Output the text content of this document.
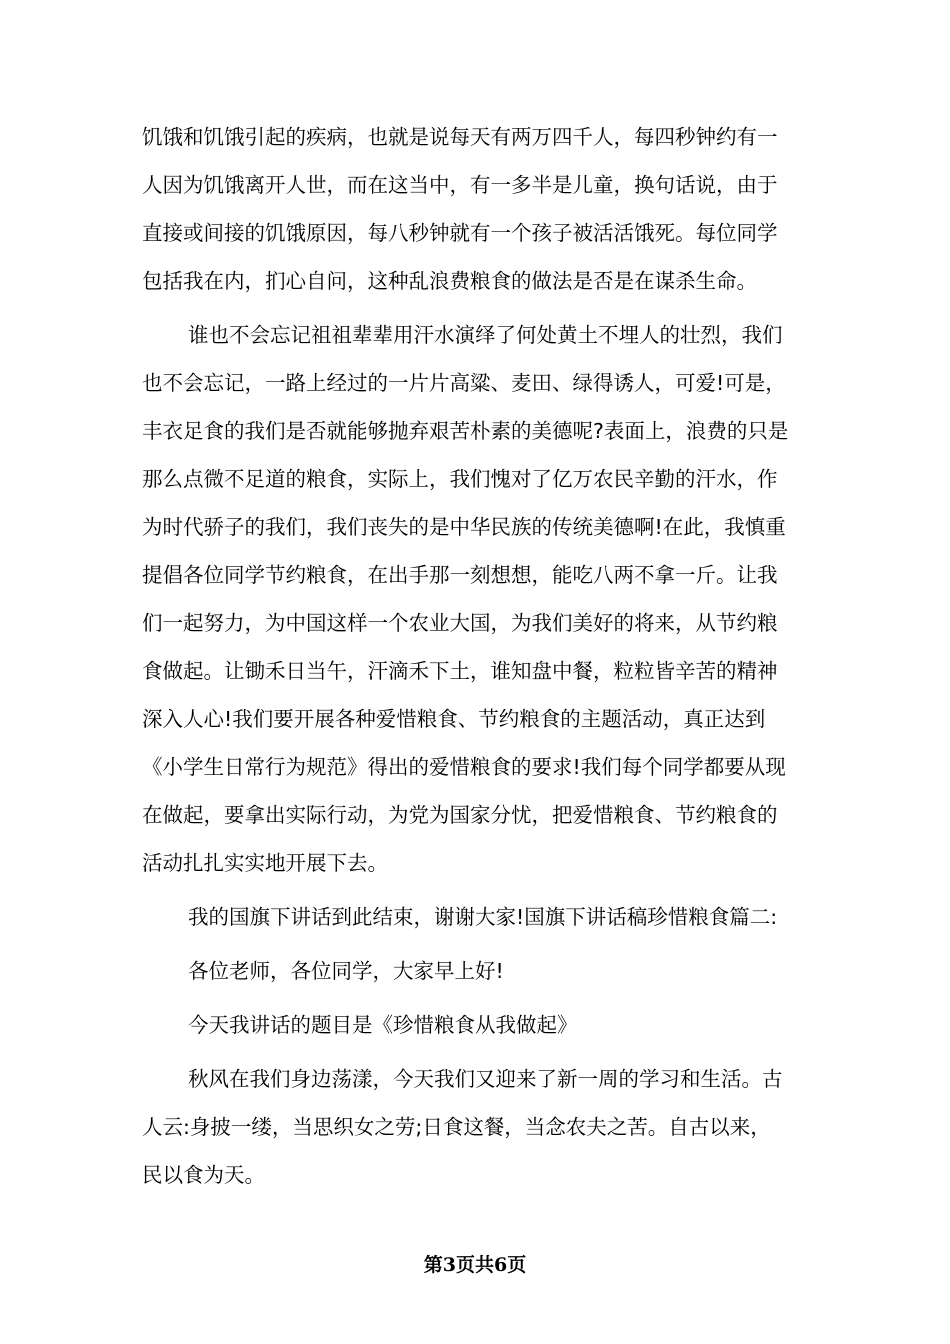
饥饿和饥饿引起的疾病，也就是说每天有两万四千人，每四秒钟约有一
人因为饥饿离开人世，而在这当中，有一多半是儿童，换句话说，由于
直接或间接的饥饿原因，每八秒钟就有一个孩子被活活饿死。每位同学
包括我在内，扪心自问，这种乱浪费粮食的做法是否是在谋杀生命。
谁也不会忘记祖祖辈辈用汗水演绎了何处黄土不埋人的壮烈，我们
也不会忘记，一路上经过的一片片高粱、麦田、绿得诱人，可爱!可是，
丰衣足食的我们是否就能够抛弃艰苦朴素的美德呢?表面上，浪费的只是
那么点微不足道的粮食，实际上，我们愧对了亿万农民辛勤的汗水，作
为时代骄子的我们，我们丧失的是中华民族的传统美德啊!在此，我慎重
提倡各位同学节约粮食，在出手那一刻想想，能吃八两不拿一斤。让我
们一起努力，为中国这样一个农业大国，为我们美好的将来，从节约粮
食做起。让锄禾日当午，汗滴禾下土，谁知盘中餐，粒粒皆辛苦的精神
深入人心!我们要开展各种爱惜粮食、节约粮食的主题活动，真正达到
《小学生日常行为规范》得出的爱惜粮食的要求!我们每个同学都要从现
在做起，要拿出实际行动，为党为国家分忧，把爱惜粮食、节约粮食的
活动扎扎实实地开展下去。
我的国旗下讲话到此结束，谢谢大家!国旗下讲话稿珍惜粮食篇二:
各位老师，各位同学，大家早上好!
今天我讲话的题目是《珍惜粮食从我做起》
秋风在我们身边荡漾，今天我们又迎来了新一周的学习和生活。古
人云:身披一缕，当思织女之劳;日食这餐，当念农夫之苦。自古以来，
民以食为天。
第3页共6页
